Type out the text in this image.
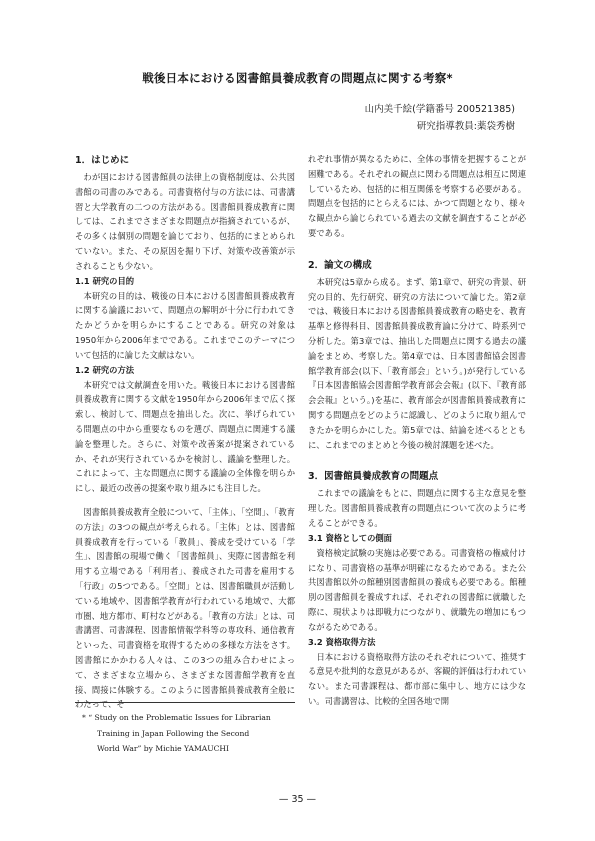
戦後日本における図書館員養成教育の問題点に関する考察*
山内美千絵(学籍番号 200521385)
研究指導教員:薬袋秀樹

1．はじめに

わが国における図書館員の法律上の資格制度は、公共図書館の司書のみである。司書資格付与の方法には、司書講習と大学教育の二つの方法がある。図書館員養成教育に関しては、これまでさまざまな問題点が指摘されているが、その多くは個別の問題を論じており、包括的にまとめられていない。また、その原因を掘り下げ、対策や改善策が示されることも少ない。

1.1 研究の目的

本研究の目的は、戦後の日本における図書館員養成教育に関する論議において、問題点の解明が十分に行われてきたかどうかを明らかにすることである。研究の対象は1950年から2006年までである。これまでこのテーマについて包括的に論じた文献はない。

1.2 研究の方法

本研究では文献調査を用いた。戦後日本における図書館員養成教育に関する文献を1950年から2006年まで広く探索し、検討して、問題点を抽出した。次に、挙げられている問題点の中から重要なものを選び、問題点に関連する議論を整理した。さらに、対策や改善案が提案されているか、それが実行されているかを検討し、議論を整理した。これによって、主な問題点に関する議論の全体像を明らかにし、最近の改善の提案や取り組みにも注目した。

図書館員養成教育全般について、「主体」、「空間」、「教育の方法」の3つの観点が考えられる。「主体」とは、図書館員養成教育を行っている「教員」、養成を受けている「学生」、図書館の現場で働く「図書館員」、実際に図書館を利用する立場である「利用者」、養成された司書を雇用する「行政」の5つである。「空間」とは、図書館職員が活動している地域や、図書館学教育が行われている地域で、大都市圏、地方都市、町村などがある。「教育の方法」とは、司書講習、司書課程、図書館情報学科等の専攻科、通信教育といった、司書資格を取得するための多様な方法をさす。図書館にかかわる人々は、この3つの組み合わせによって、さまざまな立場から、さまざまな図書館学教育を直接、間接に体験する。このように図書館員養成教育全般にわたって、そ

れぞれ事情が異なるために、全体の事情を把握することが困難である。それぞれの観点に関わる問題点は相互に関連しているため、包括的に相互関係を考察する必要がある。問題点を包括的にとらえるには、かつて問題となり、様々な観点から論じられている過去の文献を調査することが必要である。

2．論文の構成

本研究は5章から成る。まず、第1章で、研究の背景、研究の目的、先行研究、研究の方法について論じた。第2章では、戦後日本における図書館員養成教育の略史を、教育基準と修得科目、図書館員養成教育論に分けて、時系列で分析した。第3章では、抽出した問題点に関する過去の議論をまとめ、考察した。第4章では、日本図書館協会図書館学教育部会(以下、「教育部会」という。)が発行している『日本図書館協会図書館学教育部会会報』(以下、『教育部会会報』という。)を基に、教育部会が図書館員養成教育に関する問題点をどのように認識し、どのように取り組んできたかを明らかにした。第5章では、結論を述べるとともに、これまでのまとめと今後の検討課題を述べた。

3．図書館員養成教育の問題点

これまでの議論をもとに、問題点に関する主な意見を整理した。図書館員養成教育の問題点について次のように考えることができる。

3.1 資格としての側面

資格検定試験の実施は必要である。司書資格の権威付けになり、司書資格の基準が明確になるためである。また公共図書館以外の館種別図書館員の養成も必要である。館種別の図書館員を養成すれば、それぞれの図書館に就職した際に、現状よりは即戦力につながり、就職先の増加にもつながるためである。

3.2 資格取得方法

日本における資格取得方法のそれぞれについて、推奨する意見や批判的な意見があるが、客観的評価は行われていない。また司書課程は、都市部に集中し、地方には少ない。司書講習は、比較的全国各地で開

* “ Study on the Problematic Issues for Librarian
Training in Japan Following the Second
World War” by Michie YAMAUCHI
— 35 —
